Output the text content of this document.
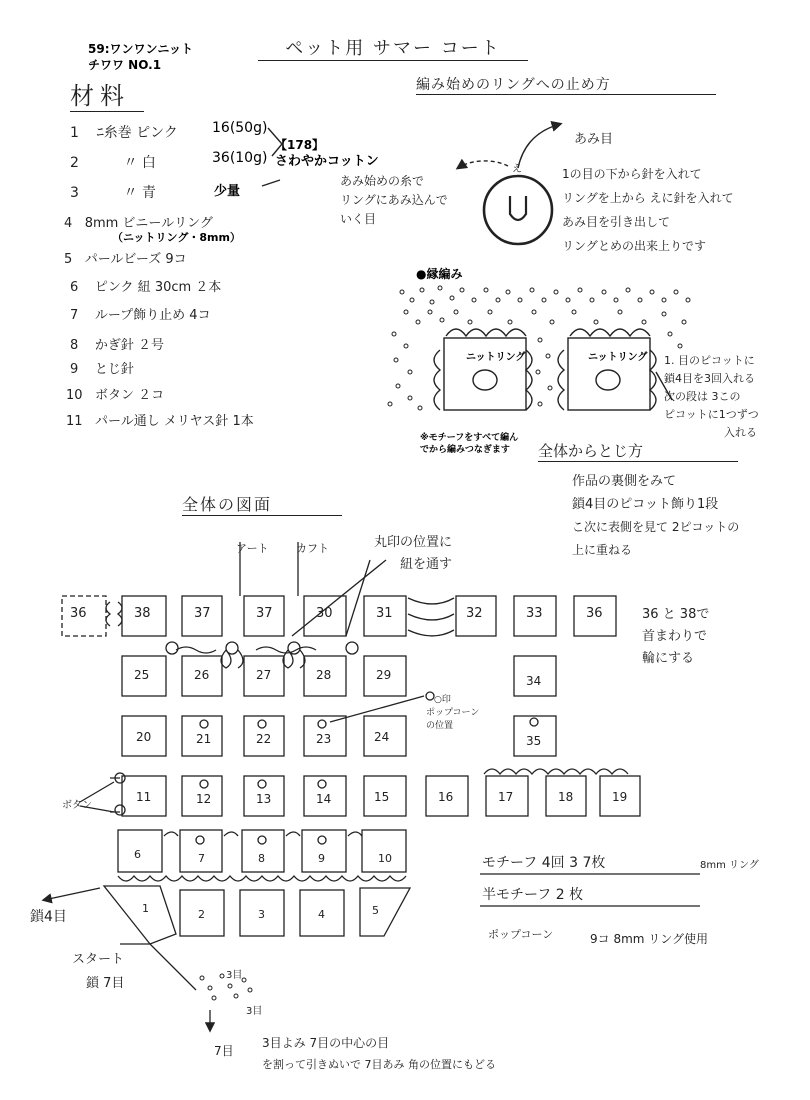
59:ワンワンニット
チワワ NO.1
ペット用 サマー コート
材料
1 ﾆ糸巻 ピンク 16(50g)
2	〃 白	36(10g)
3	〃 青	少量
4 8mm ビニールリング
（ニットリング・8mm）
5 パールビーズ 9コ
6 ピンク 紐 30cm ２本
7 ループ飾り止め 4コ
8 かぎ針 ２号
9 とじ針
10 ボタン ２コ
11 パール通し メリヤス針 1本
【178】
さわやかコットン
編み始めのリングへの止め方
あみ目
あみ始めの糸で
リングにあみ込んで
いく目
え	1の目の下から針を入れて
リングを上から えに針を入れて
あみ目を引き出して
リングとめの出来上りです
●縁編み
ニットリング	ニットリング 1. 目のピコットに
鎖4目を3回入れる
次の段は 3この
ピコットに1つずつ
入れる
※モチーフをすべて編ん
でから編みつなぎます	全体からとじ方
作品の裏側をみて
鎖4目のピコット飾り1段
こ次に表側を見て 2ピコットの
上に重ねる
全体の図面
アート カフト	丸印の位置に
紐を通す
36 と 38で
首まわりで
輪にする
○印
ポップコーン
の位置
ボタン
鎖4目
スタート
鎖 7目
3目
3目
7目
3目よみ 7目の中心の目
を割って引きぬいで 7目あみ 角の位置にもどる
モチーフ 4回 3 7枚	8mm リング
半モチーフ 2 枚
ポップコーン	9コ 8mm リング使用
36	38	37	37	30	31	32	33	36
25	26	27	28	29	34
20	21	22	23	24	35
11	12	13	14	15	16	17	18	19
6	7	8	9	10
1	2	3	4	5
